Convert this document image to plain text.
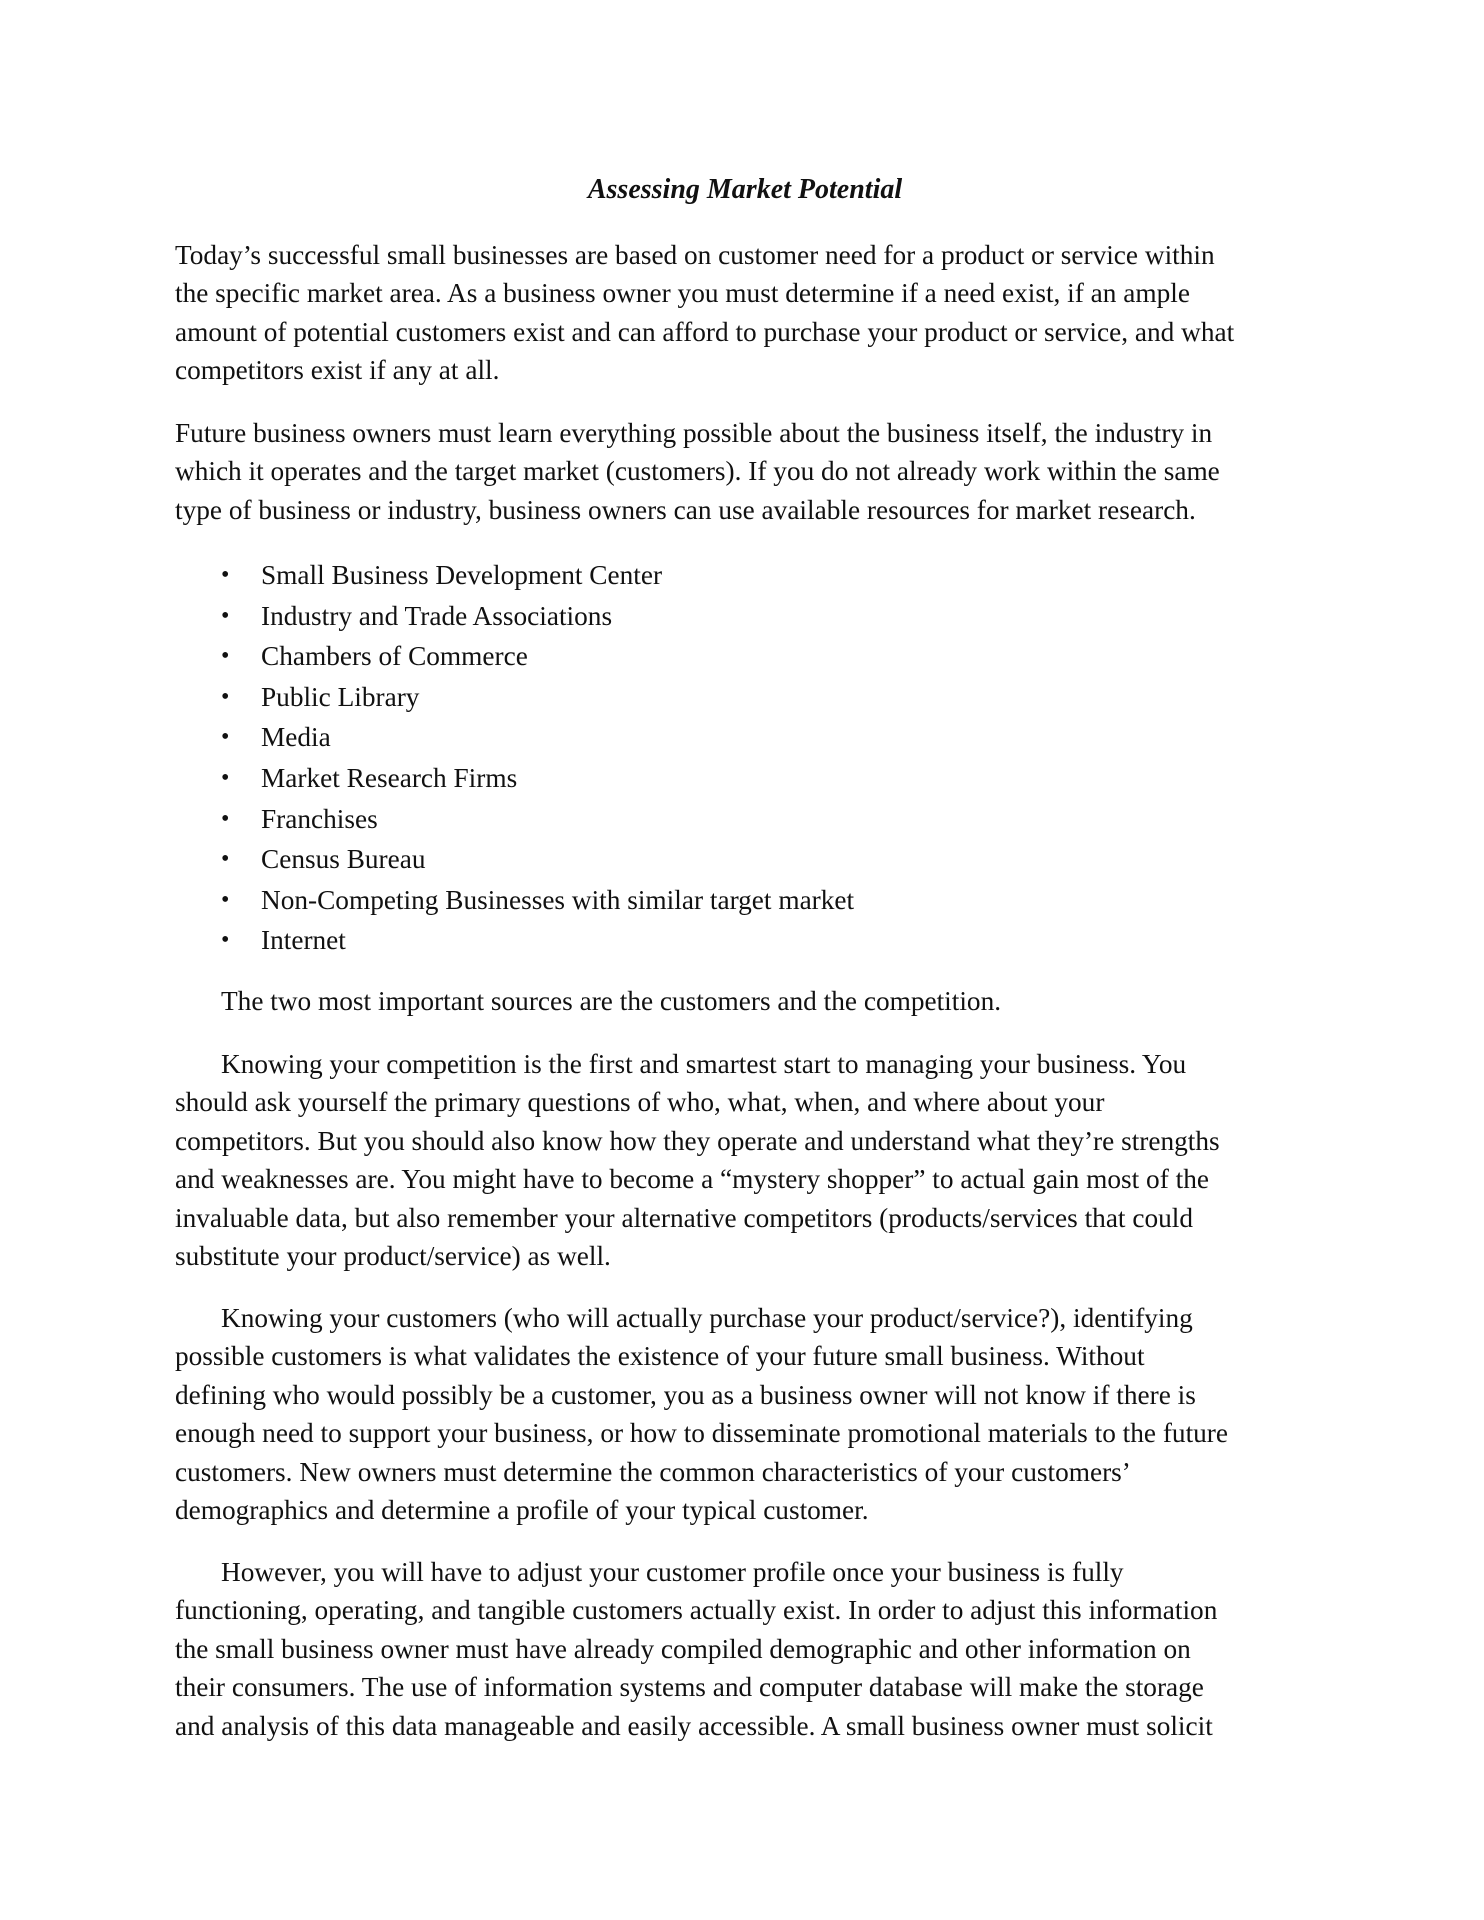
Assessing Market Potential

Today’s successful small businesses are based on customer need for a product or service within
the specific market area. As a business owner you must determine if a need exist, if an ample
amount of potential customers exist and can afford to purchase your product or service, and what
competitors exist if any at all.

Future business owners must learn everything possible about the business itself, the industry in
which it operates and the target market (customers). If you do not already work within the same
type of business or industry, business owners can use available resources for market research.

• Small Business Development Center
• Industry and Trade Associations
• Chambers of Commerce
• Public Library
• Media
• Market Research Firms
• Franchises
• Census Bureau
• Non-Competing Businesses with similar target market
• Internet

The two most important sources are the customers and the competition.

Knowing your competition is the first and smartest start to managing your business. You
should ask yourself the primary questions of who, what, when, and where about your
competitors. But you should also know how they operate and understand what they’re strengths
and weaknesses are. You might have to become a “mystery shopper” to actual gain most of the
invaluable data, but also remember your alternative competitors (products/services that could
substitute your product/service) as well.

Knowing your customers (who will actually purchase your product/service?), identifying
possible customers is what validates the existence of your future small business. Without
defining who would possibly be a customer, you as a business owner will not know if there is
enough need to support your business, or how to disseminate promotional materials to the future
customers. New owners must determine the common characteristics of your customers’
demographics and determine a profile of your typical customer.

However, you will have to adjust your customer profile once your business is fully
functioning, operating, and tangible customers actually exist. In order to adjust this information
the small business owner must have already compiled demographic and other information on
their consumers. The use of information systems and computer database will make the storage
and analysis of this data manageable and easily accessible. A small business owner must solicit
